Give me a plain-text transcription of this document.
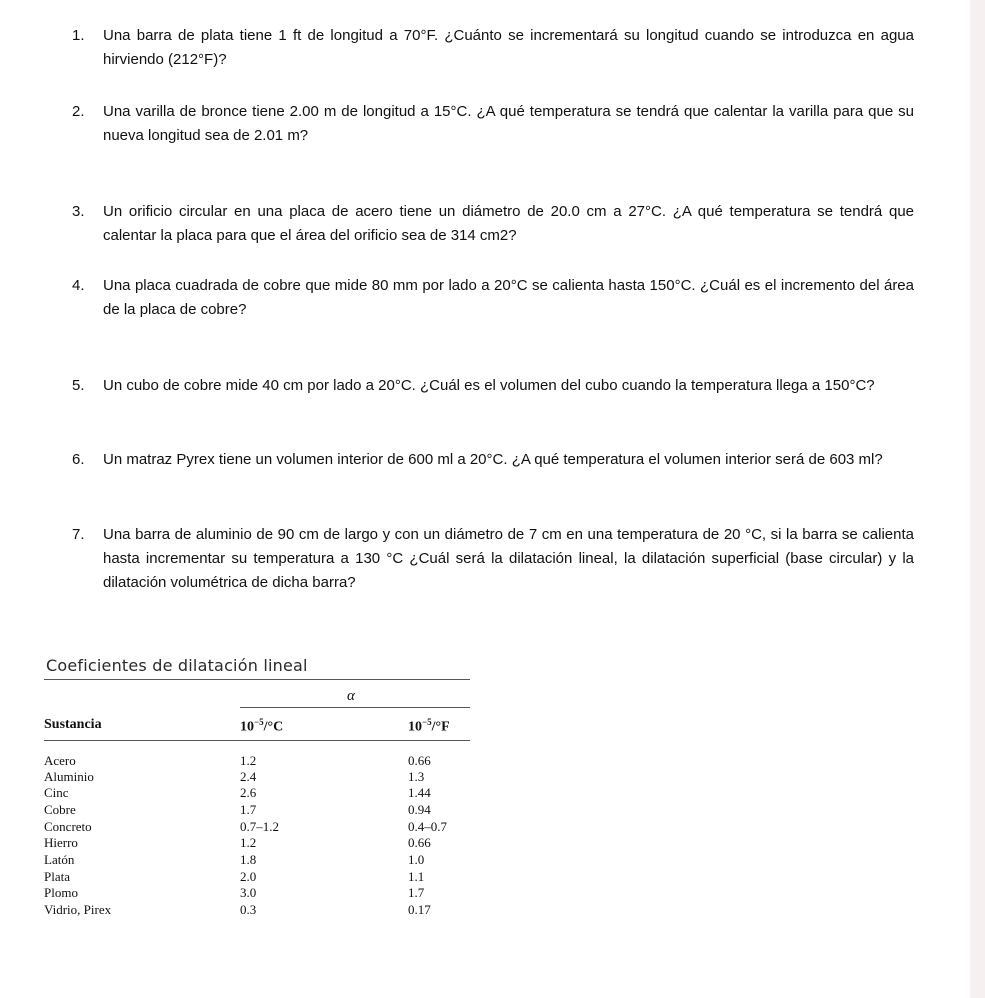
1.	Una barra de plata tiene 1 ft de longitud a 70°F. ¿Cuánto se incrementará su longitud cuando se introduzca en agua hirviendo (212°F)?
2.	Una varilla de bronce tiene 2.00 m de longitud a 15°C. ¿A qué temperatura se tendrá que calentar la varilla para que su nueva longitud sea de 2.01 m?
3.	Un orificio circular en una placa de acero tiene un diámetro de 20.0 cm a 27°C. ¿A qué temperatura se tendrá que calentar la placa para que el área del orificio sea de 314 cm2?
4.	Una placa cuadrada de cobre que mide 80 mm por lado a 20°C se calienta hasta 150°C. ¿Cuál es el incremento del área de la placa de cobre?
5.	Un cubo de cobre mide 40 cm por lado a 20°C. ¿Cuál es el volumen del cubo cuando la temperatura llega a 150°C?
6.	Un matraz Pyrex tiene un volumen interior de 600 ml a 20°C. ¿A qué temperatura el volumen interior será de 603 ml?
7.	Una barra de aluminio de 90 cm de largo y con un diámetro de 7 cm en una temperatura de 20 °C, si la barra se calienta hasta incrementar su temperatura a 130 °C ¿Cuál será la dilatación lineal, la dilatación superficial (base circular) y la dilatación volumétrica de dicha barra?
Coeficientes de dilatación lineal
α
Sustancia	$10^{-5}/^\circ C$	$10^{-5}/^\circ F$
Acero	1.2	0.66
Aluminio	2.4	1.3
Cinc	2.6	1.44
Cobre	1.7	0.94
Concreto	0.7–1.2	0.4–0.7
Hierro	1.2	0.66
Latón	1.8	1.0
Plata	2.0	1.1
Plomo	3.0	1.7
Vidrio, Pirex	0.3	0.17
